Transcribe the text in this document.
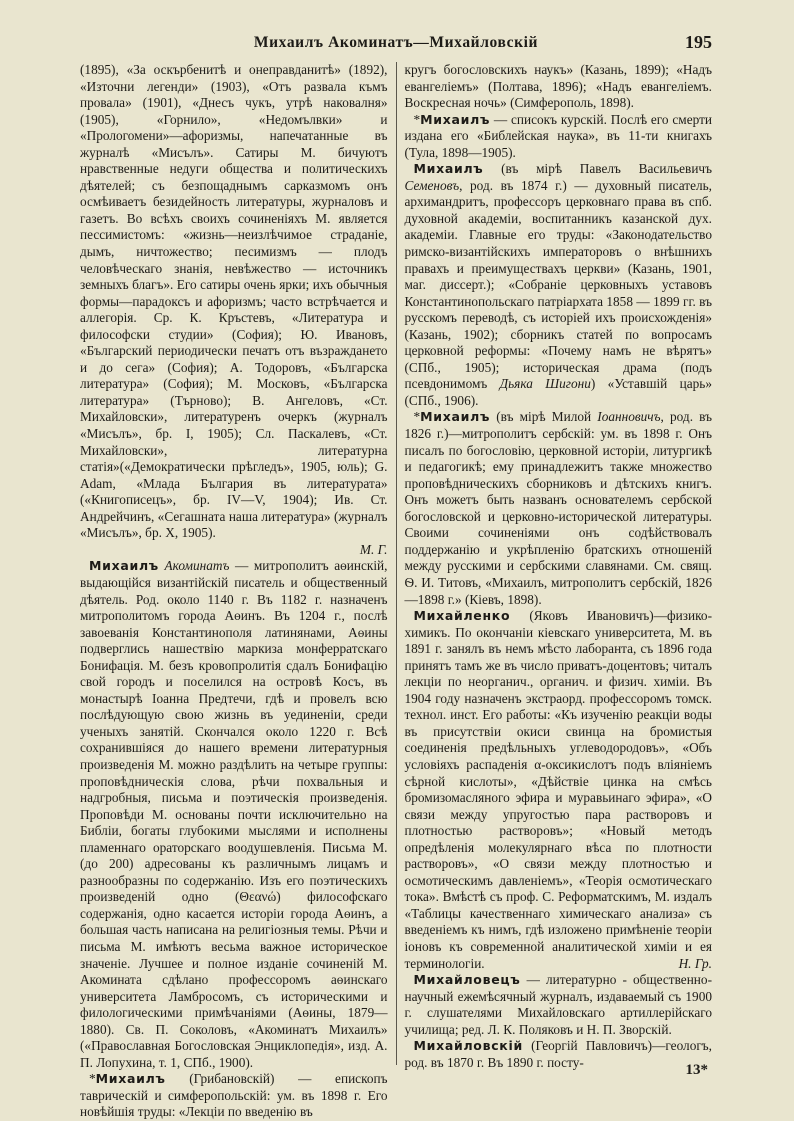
Михаилъ Акоминатъ—Михайловскій	195

(1895), «За оскърбенитѣ и онеправданитѣ» (1892), «Източни легенди» (1903), «Отъ развала къмъ провала» (1901), «Днесъ чукъ, утрѣ наковалня» (1905), «Горнило», «Недомълвки» и «Прологомени»—афоризмы, напечатанные въ журналѣ «Мисълъ». Сатиры М. бичуютъ нравственные недуги общества и политическихъ дѣятелей; съ безпощаднымъ сарказмомъ онъ осмѣиваетъ безидейность литературы, журналовъ и газетъ. Во всѣхъ своихъ сочиненіяхъ М. является пессимистомъ: «жизнь—неизлѣчимое страданіе, дымъ, ничтожество; песимизмъ — плодъ человѣческаго знанія, невѣжество — источникъ земныхъ благъ». Его сатиры очень ярки; ихъ обычныя формы—парадоксъ и афоризмъ; часто встрѣчается и аллегорія. Ср. К. Кръстевъ, «Литература и философски студии» (София); Ю. Ивановъ, «Българский периодически печатъ отъ възраждането и до сега» (София); А. Тодоровъ, «Българска литература» (София); М. Московъ, «Българска литература» (Търново); В. Ангеловъ, «Ст. Михайловски», литературенъ очеркъ (журналъ «Мисълъ», бр. I, 1905); Сл. Паскалевъ, «Ст. Михайловски», литературна статія»(«Демократически прѣгледъ», 1905, юль); G. Adam, «Млада България въ литературата» («Книгописецъ», бр. IV—V, 1904); Ив. Ст. Андрейчинъ, «Сегашната наша литература» (журналъ «Мисълъ», бр. Х, 1905).

М. Г.

Михаилъ Акоминатъ — митрополитъ аѳинскій, выдающійся византійскій писатель и общественный дѣятель. Род. около 1140 г. Въ 1182 г. назначенъ митрополитомъ города Аѳинъ. Въ 1204 г., послѣ завоеванія Константинополя латинянами, Аѳины подверглись нашествію маркиза монферратскаго Бонифація. М. безъ кровопролитія сдалъ Бонифацію свой городъ и поселился на островѣ Косъ, въ монастырѣ Іоанна Предтечи, гдѣ и провелъ всю послѣдующую свою жизнь въ уединеніи, среди ученыхъ занятій. Скончался около 1220 г. Всѣ сохранившіяся до нашего времени литературныя произведенія М. можно раздѣлить на четыре группы: проповѣдническія слова, рѣчи похвальныя и надгробныя, письма и поэтическія произведенія. Проповѣди М. основаны почти исключительно на Библіи, богаты глубокими мыслями и исполнены пламеннаго ораторскаго воодушевленія. Письма М. (до 200) адресованы къ различнымъ лицамъ и разнообразны по содержанію. Изъ его поэтическихъ произведеній одно (Θεανώ) философскаго содержанія, одно касается исторіи города Аѳинъ, а большая часть написана на религіозныя темы. Рѣчи и письма М. имѣютъ весьма важное историческое значеніе. Лучшее и полное изданіе сочиненій М. Акомината сдѣлано профессоромъ аѳинскаго университета Ламбросомъ, съ историческими и филологическими примѣчаніями (Аѳины, 1879—1880). Св. П. Соколовъ, «Акоминатъ Михаилъ» («Православная Богословская Энциклопедія», изд. А. П. Лопухина, т. 1, СПб., 1900).

*Михаилъ (Грибановскій) — епископъ таврическій и симферопольскій: ум. въ 1898 г. Его новѣйшія труды: «Лекціи по введенію въ

кругъ богословскихъ наукъ» (Казань, 1899); «Надъ евангеліемъ» (Полтава, 1896); «Надъ евангеліемъ. Воскресная ночь» (Симферополь, 1898).

*Михаилъ — списокъ курскій. Послѣ его смерти издана его «Библейская наука», въ 11-ти книгахъ (Тула, 1898—1905).

Михаилъ (въ мірѣ Павелъ Васильевичъ Семеновъ, род. въ 1874 г.) — духовный писатель, архимандритъ, профессоръ церковнаго права въ спб. духовной академіи, воспитанникъ казанской дух. академіи. Главные его труды: «Законодательство римско-византійскихъ императоровъ о внѣшнихъ правахъ и преимуществахъ церкви» (Казань, 1901, маг. диссерт.); «Собраніе церковныхъ уставовъ Константинопольскаго патріархата 1858 — 1899 гг. въ русскомъ переводѣ, съ исторіей ихъ происхожденія» (Казань, 1902); сборникъ статей по вопросамъ церковной реформы: «Почему намъ не вѣрятъ» (СПб., 1905); историческая драма (подъ псевдонимомъ Дьяка Шигони) «Уставшій царь» (СПб., 1906).

*Михаилъ (въ мірѣ Милой Іоанновичъ, род. въ 1826 г.)—митрополитъ сербскій: ум. въ 1898 г. Онъ писалъ по богословію, церковной исторіи, литургикѣ и педагогикѣ; ему принадлежитъ также множество проповѣдническихъ сборниковъ и дѣтскихъ книгъ. Онъ можетъ быть названъ основателемъ сербской богословской и церковно-исторической литературы. Своими сочиненіями онъ содѣйствовалъ поддержанію и укрѣпленію братскихъ отношеній между русскими и сербскими славянами. См. свящ. Ѳ. И. Титовъ, «Михаилъ, митрополитъ сербскій, 1826—1898 г.» (Кіевъ, 1898).

Михайленко (Яковъ Ивановичъ)—физико-химикъ. По окончаніи кіевскаго университета, М. въ 1891 г. занялъ въ немъ мѣсто лаборанта, съ 1896 года принятъ тамъ же въ число приватъ-доцентовъ; читалъ лекціи по неорганич., органич. и физич. химіи. Въ 1904 году назначенъ экстраорд. профессоромъ томск. технол. инст. Его работы: «Къ изученію реакціи воды въ присутствіи окиси свинца на бромистыя соединенія предѣльныхъ углеводородовъ», «Объ условіяхъ распаденія α-оксикислотъ подъ вліяніемъ сѣрной кислоты», «Дѣйствіе цинка на смѣсь бромизомасляного эфира и муравьинаго эфира», «О связи между упругостью пара растворовъ и плотностью растворовъ»; «Новый методъ опредѣленія молекулярнаго вѣса по плотности растворовъ», «О связи между плотностью и осмотическимъ давленіемъ», «Теорія осмотическаго тока». Вмѣстѣ съ проф. С. Реформатскимъ, М. издалъ «Таблицы качественнаго химическаго анализа» съ введеніемъ къ нимъ, гдѣ изложено примѣненіе теоріи іоновъ къ современной аналитической химіи и ея терминологіи.	Н. Гр.

Михайловецъ — литературно - общественно-научный ежемѣсячный журналъ, издаваемый съ 1900 г. слушателями Михайловскаго артиллерійскаго училища; ред. Л. К. Поляковъ и Н. П. Зворскій.

Михайловскій (Георгій Павловичъ)—геологъ, род. въ 1870 г. Въ 1890 г. посту-	13*
